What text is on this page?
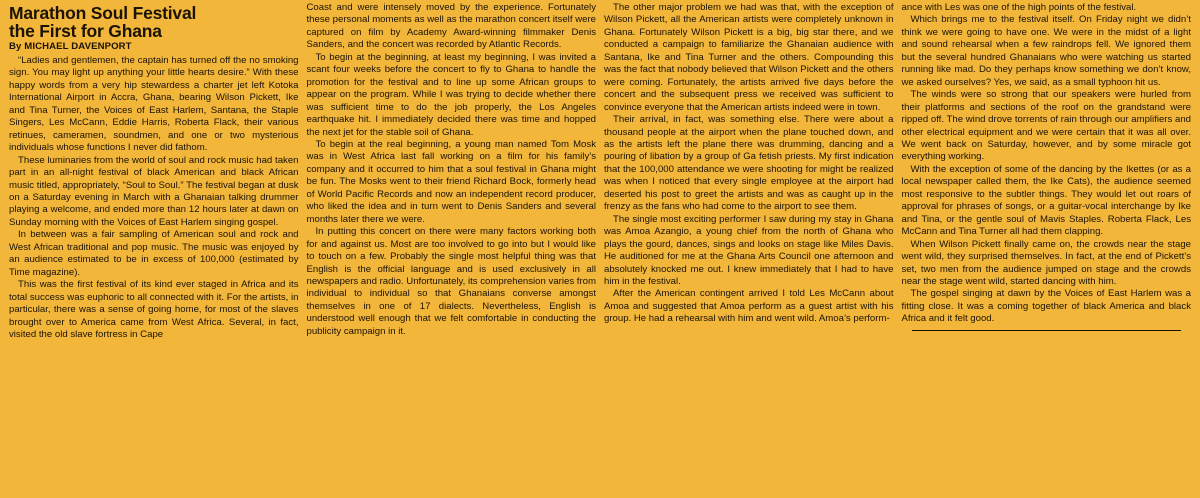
Marathon Soul Festival
the First for Ghana
By MICHAEL DAVENPORT

“Ladies and gentlemen, the captain has turned off the no smoking sign. You may light up anything your little hearts desire.” With these happy words from a very hip stewardess a charter jet left Kotoka International Airport in Accra, Ghana, bearing Wilson Pickett, Ike and Tina Turner, the Voices of East Harlem, Santana, the Staple Singers, Les McCann, Eddie Harris, Roberta Flack, their various retinues, cameramen, soundmen, and one or two mysterious individuals whose functions I never did fathom.

These luminaries from the world of soul and rock music had taken part in an all-night festival of black American and black African music titled, appropriately, “Soul to Soul.” The festival began at dusk on a Saturday evening in March with a Ghanaian talking drummer playing a welcome, and ended more than 12 hours later at dawn on Sunday morning with the Voices of East Harlem singing gospel.

In between was a fair sampling of American soul and rock and West African traditional and pop music. The music was enjoyed by an audience estimated to be in excess of 100,000 (estimated by Time magazine).

This was the first festival of its kind ever staged in Africa and its total success was euphoric to all connected with it. For the artists, in particular, there was a sense of going home, for most of the slaves brought over to America came from West Africa. Several, in fact, visited the old slave fortress in Cape

Coast and were intensely moved by the experience. Fortunately these personal moments as well as the marathon concert itself were captured on film by Academy Award-winning filmmaker Denis Sanders, and the concert was recorded by Atlantic Records.

To begin at the beginning, at least my beginning, I was invited a scant four weeks before the concert to fly to Ghana to handle the promotion for the festival and to line up some African groups to appear on the program. While I was trying to decide whether there was sufficient time to do the job properly, the Los Angeles earthquake hit. I immediately decided there was time and hopped the next jet for the stable soil of Ghana.

To begin at the real beginning, a young man named Tom Mosk was in West Africa last fall working on a film for his family’s company and it occurred to him that a soul festival in Ghana might be fun. The Mosks went to their friend Richard Bock, formerly head of World Pacific Records and now an independent record producer, who liked the idea and in turn went to Denis Sanders and several months later there we were.

In putting this concert on there were many factors working both for and against us. Most are too involved to go into but I would like to touch on a few. Probably the single most helpful thing was that English is the official language and is used exclusively in all newspapers and radio. Unfortunately, its comprehension varies from individual to individual so that Ghanaians converse amongst themselves in one of 17 dialects. Nevertheless, English is understood well enough that we felt comfortable in conducting the publicity campaign in it.

The other major problem we had was that, with the exception of Wilson Pickett, all the American artists were completely unknown in Ghana. Fortunately Wilson Pickett is a big, big star there, and we conducted a campaign to familiarize the Ghanaian audience with Santana, Ike and Tina Turner and the others. Compounding this was the fact that nobody believed that Wilson Pickett and the others were coming. Fortunately, the artists arrived five days before the concert and the subsequent press we received was sufficient to convince everyone that the American artists indeed were in town.

Their arrival, in fact, was something else. There were about a thousand people at the airport when the plane touched down, and as the artists left the plane there was drumming, dancing and a pouring of libation by a group of Ga fetish priests. My first indication that the 100,000 attendance we were shooting for might be realized was when I noticed that every single employee at the airport had deserted his post to greet the artists and was as caught up in the frenzy as the fans who had come to the airport to see them.

The single most exciting performer I saw during my stay in Ghana was Amoa Azangio, a young chief from the north of Ghana who plays the gourd, dances, sings and looks on stage like Miles Davis. He auditioned for me at the Ghana Arts Council one afternoon and absolutely knocked me out. I knew immediately that I had to have him in the festival.

After the American contingent arrived I told Les McCann about Amoa and suggested that Amoa perform as a guest artist with his group. He had a rehearsal with him and went wild. Amoa’s perform-

ance with Les was one of the high points of the festival.

Which brings me to the festival itself. On Friday night we didn’t think we were going to have one. We were in the midst of a light and sound rehearsal when a few raindrops fell. We ignored them but the several hundred Ghanaians who were watching us started running like mad. Do they perhaps know something we don’t know, we asked ourselves? Yes, we said, as a small typhoon hit us.

The winds were so strong that our speakers were hurled from their platforms and sections of the roof on the grandstand were ripped off. The wind drove torrents of rain through our amplifiers and other electrical equipment and we were certain that it was all over. We went back on Saturday, however, and by some miracle got everything working.

With the exception of some of the dancing by the Ikettes (or as a local newspaper called them, the Ike Cats), the audience seemed most responsive to the subtler things. They would let out roars of approval for phrases of songs, or a guitar-vocal interchange by Ike and Tina, or the gentle soul of Mavis Staples. Roberta Flack, Les McCann and Tina Turner all had them clapping.

When Wilson Pickett finally came on, the crowds near the stage went wild, they surprised themselves. In fact, at the end of Pickett’s set, two men from the audience jumped on stage and the crowds near the stage went wild, started dancing with him.

The gospel singing at dawn by the Voices of East Harlem was a fitting close. It was a coming together of black America and black Africa and it felt good.
